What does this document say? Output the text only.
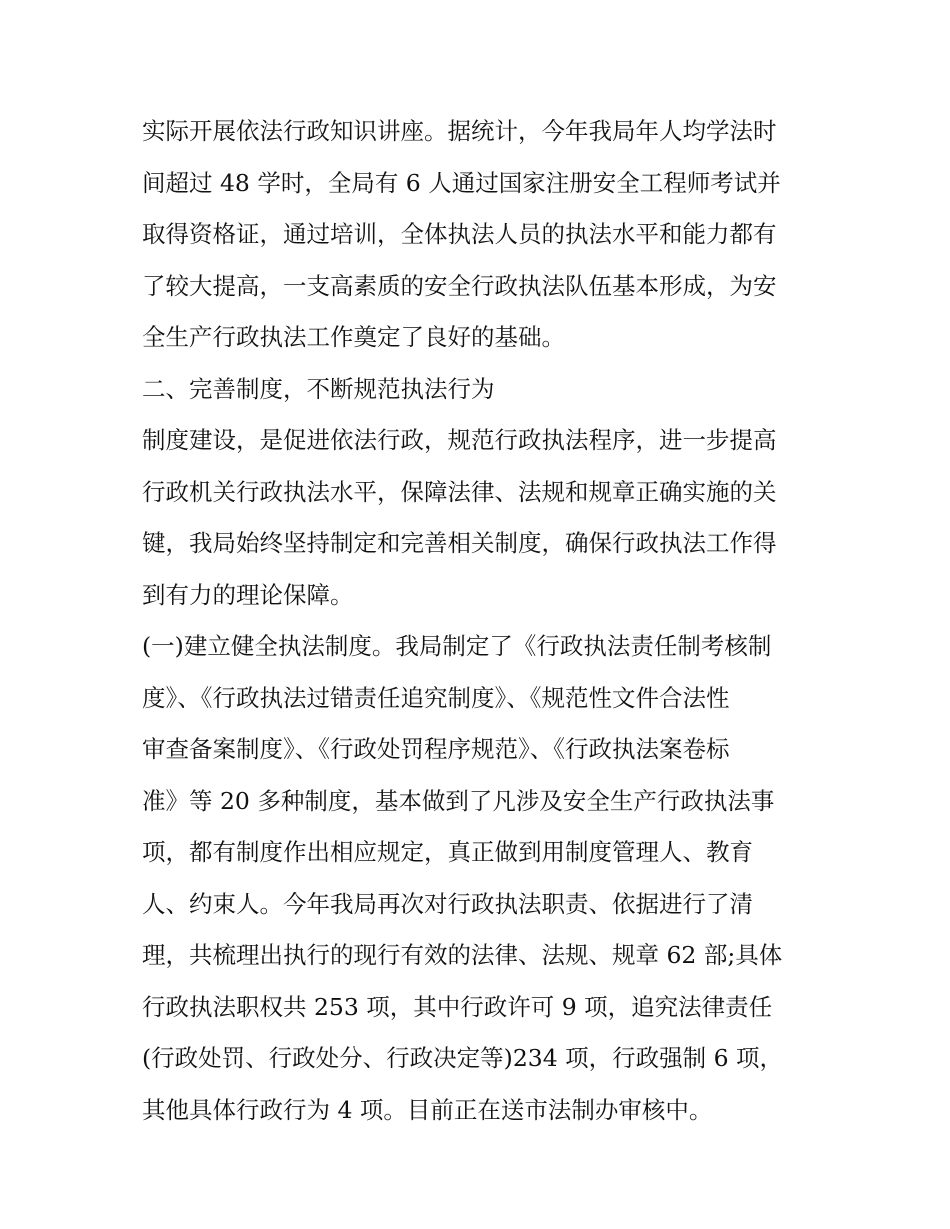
实际开展依法行政知识讲座。据统计，今年我局年人均学法时
间超过 48 学时，全局有 6 人通过国家注册安全工程师考试并
取得资格证，通过培训，全体执法人员的执法水平和能力都有
了较大提高，一支高素质的安全行政执法队伍基本形成，为安
全生产行政执法工作奠定了良好的基础。
二、完善制度，不断规范执法行为
制度建设，是促进依法行政，规范行政执法程序，进一步提高
行政机关行政执法水平，保障法律、法规和规章正确实施的关
键，我局始终坚持制定和完善相关制度，确保行政执法工作得
到有力的理论保障。
(一)建立健全执法制度。我局制定了《行政执法责任制考核制
度》、《行政执法过错责任追究制度》、《规范性文件合法性
审查备案制度》、《行政处罚程序规范》、《行政执法案卷标
准》等 20 多种制度，基本做到了凡涉及安全生产行政执法事
项，都有制度作出相应规定，真正做到用制度管理人、教育
人、约束人。今年我局再次对行政执法职责、依据进行了清
理，共梳理出执行的现行有效的法律、法规、规章 62 部;具体
行政执法职权共 253 项，其中行政许可 9 项，追究法律责任
(行政处罚、行政处分、行政决定等)234 项，行政强制 6 项，
其他具体行政行为 4 项。目前正在送市法制办审核中。
